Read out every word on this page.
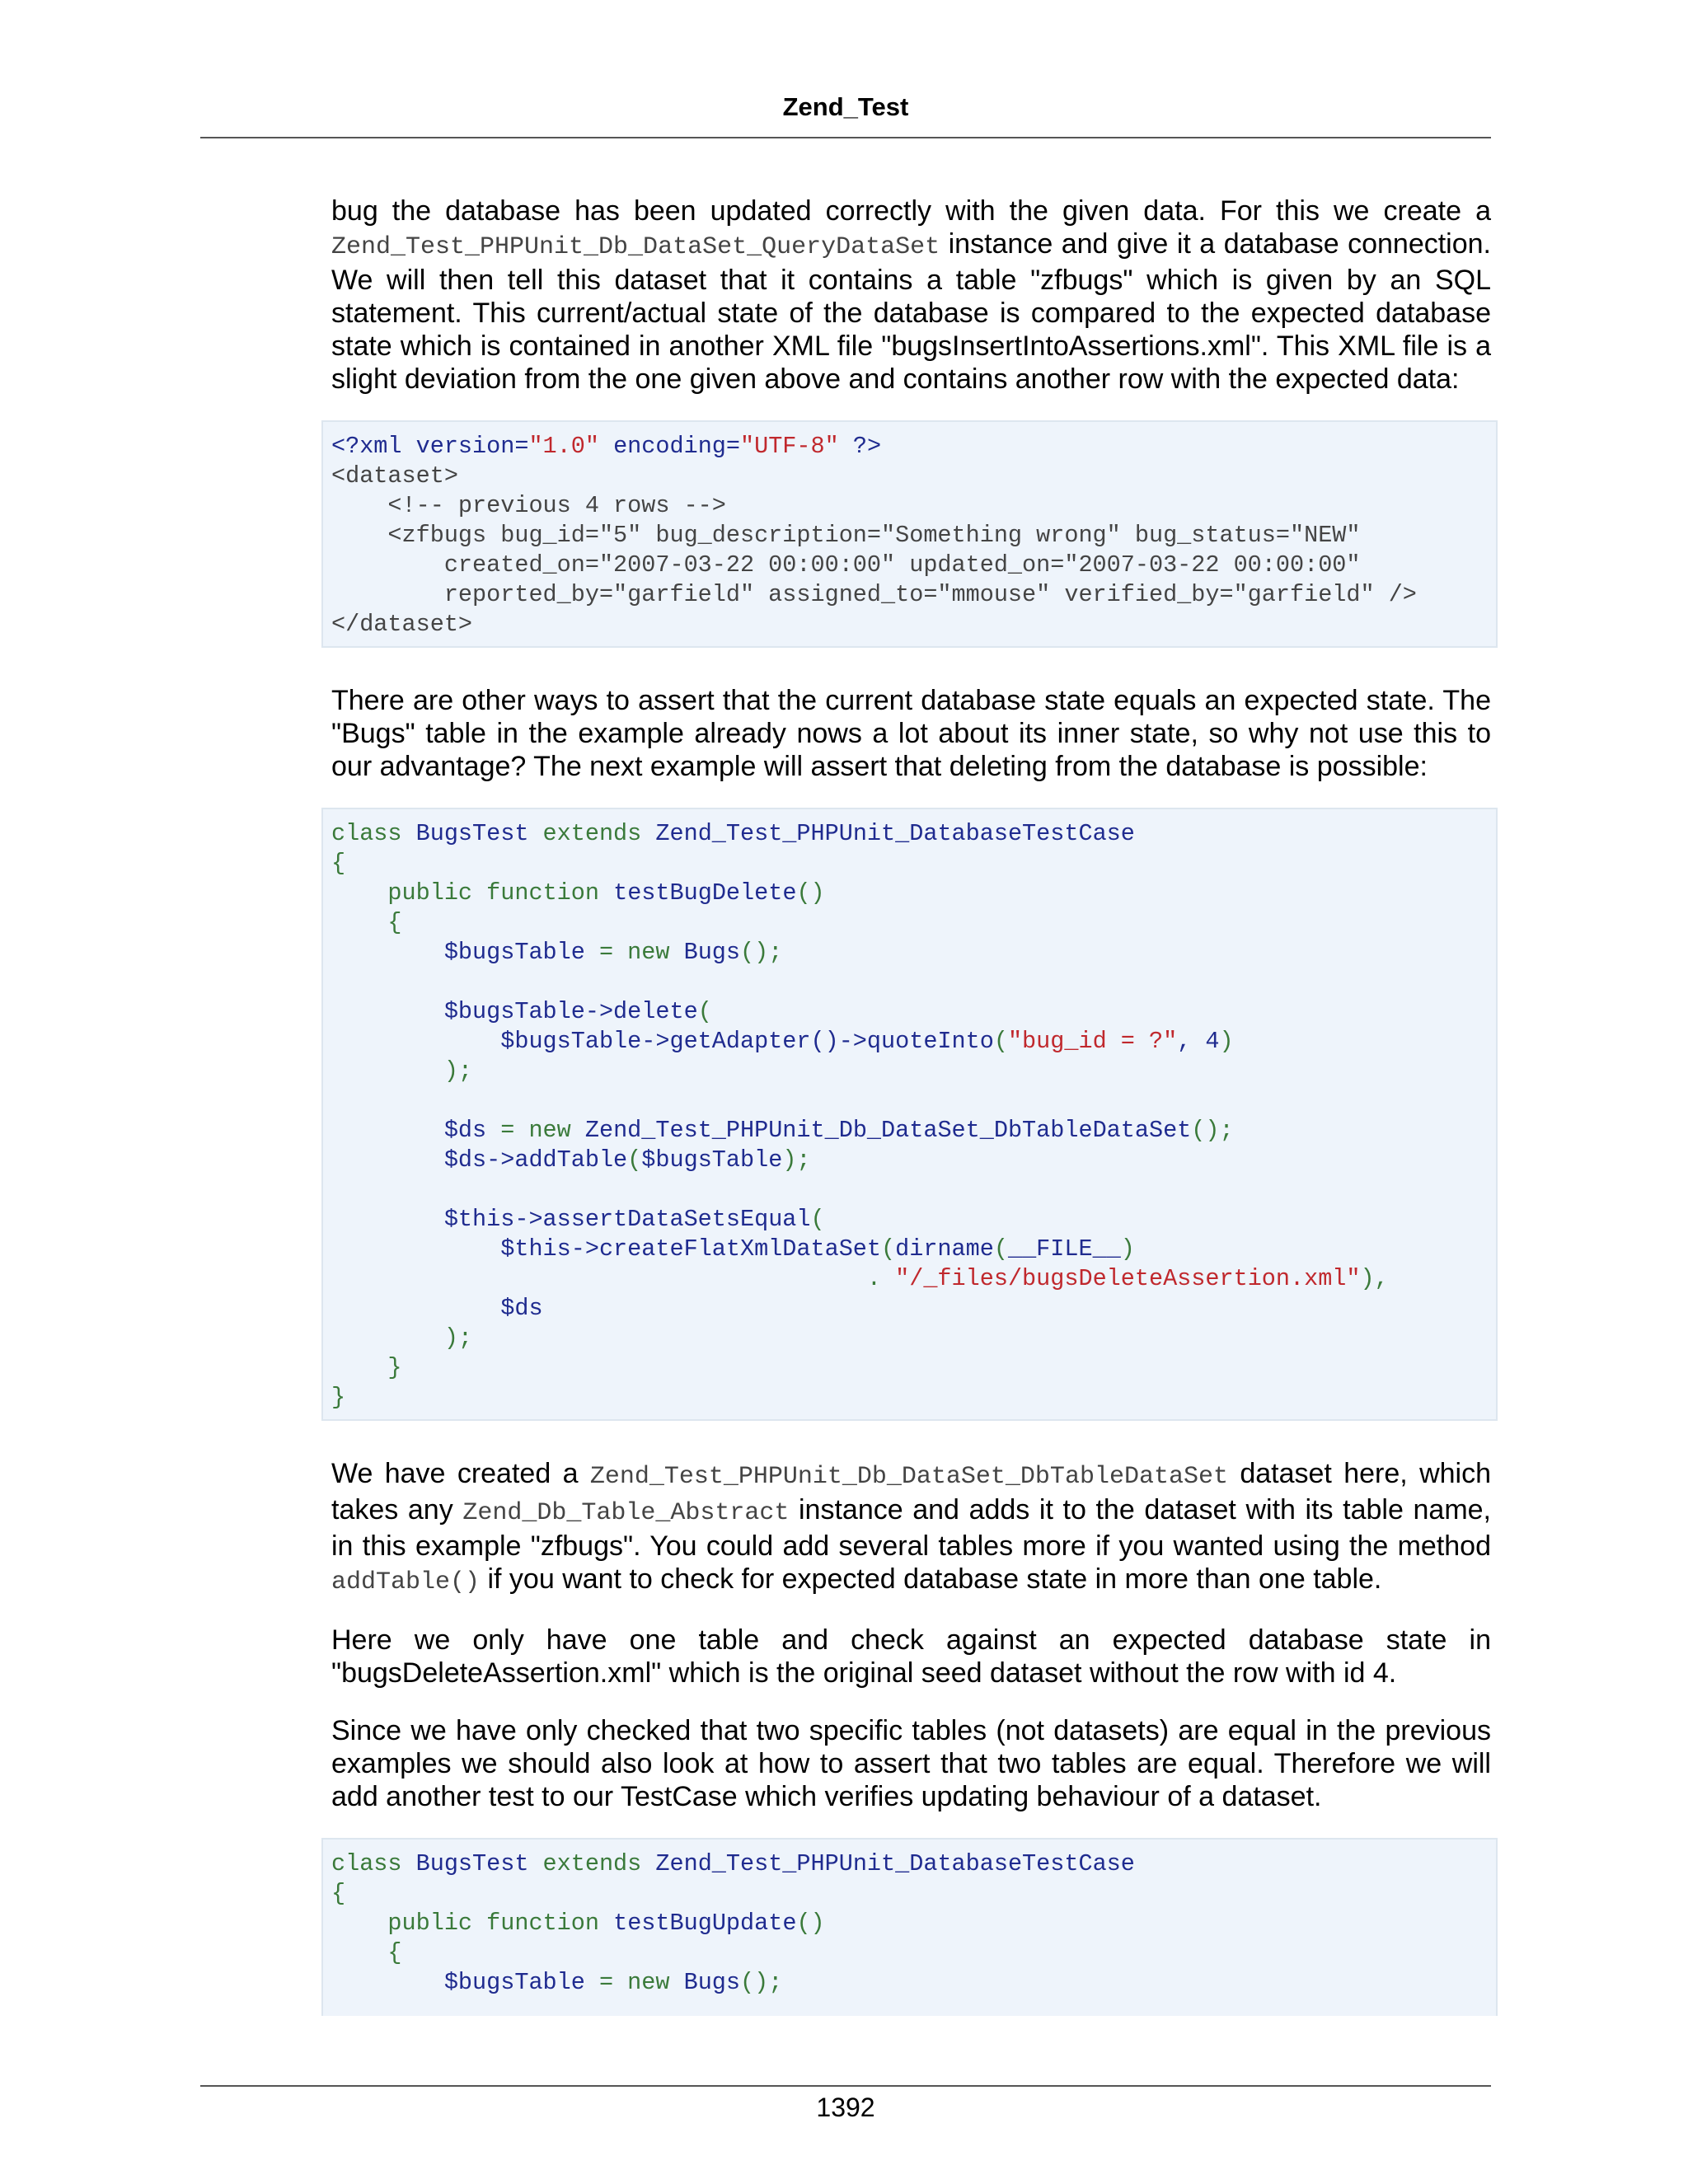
Zend_Test

bug the database has been updated correctly with the given data. For this we create a Zend_Test_PHPUnit_Db_DataSet_QueryDataSet instance and give it a database connection. We will then tell this dataset that it contains a table "zfbugs" which is given by an SQL statement. This current/actual state of the database is compared to the expected database state which is contained in another XML file "bugsInsertIntoAssertions.xml". This XML file is a slight deviation from the one given above and contains another row with the expected data:

<?xml version="1.0" encoding="UTF-8" ?>
<dataset>
<!-- previous 4 rows -->
<zfbugs bug_id="5" bug_description="Something wrong" bug_status="NEW"
created_on="2007-03-22 00:00:00" updated_on="2007-03-22 00:00:00"
reported_by="garfield" assigned_to="mmouse" verified_by="garfield" />
</dataset>

There are other ways to assert that the current database state equals an expected state. The "Bugs" table in the example already nows a lot about its inner state, so why not use this to our advantage? The next example will assert that deleting from the database is possible:

class BugsTest extends Zend_Test_PHPUnit_DatabaseTestCase
{
public function testBugDelete()
{
$bugsTable = new Bugs();

$bugsTable->delete(
$bugsTable->getAdapter()->quoteInto("bug_id = ?", 4)
);

$ds = new Zend_Test_PHPUnit_Db_DataSet_DbTableDataSet();
$ds->addTable($bugsTable);

$this->assertDataSetsEqual(
$this->createFlatXmlDataSet(dirname(__FILE__)
. "/_files/bugsDeleteAssertion.xml"),
$ds
);
}
}

We have created a Zend_Test_PHPUnit_Db_DataSet_DbTableDataSet dataset here, which takes any Zend_Db_Table_Abstract instance and adds it to the dataset with its table name, in this example "zfbugs". You could add several tables more if you wanted using the method addTable() if you want to check for expected database state in more than one table.

Here we only have one table and check against an expected database state in "bugsDeleteAssertion.xml" which is the original seed dataset without the row with id 4.

Since we have only checked that two specific tables (not datasets) are equal in the previous examples we should also look at how to assert that two tables are equal. Therefore we will add another test to our TestCase which verifies updating behaviour of a dataset.

class BugsTest extends Zend_Test_PHPUnit_DatabaseTestCase
{
public function testBugUpdate()
{
$bugsTable = new Bugs();
1392
